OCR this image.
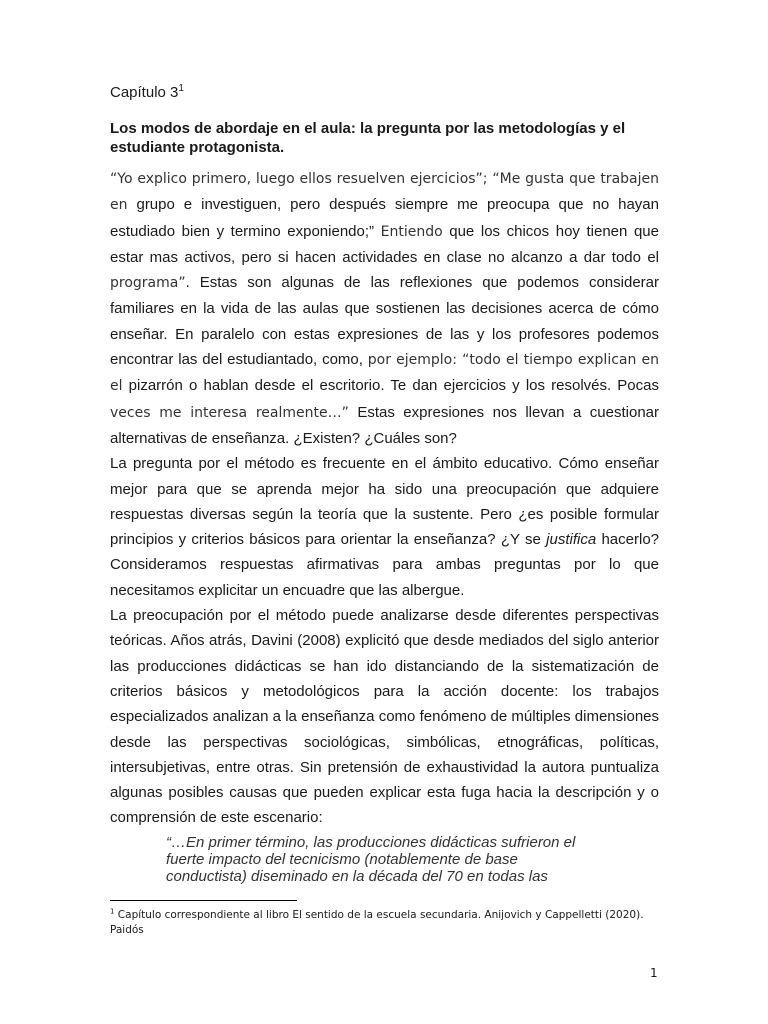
Capítulo $3^1$
Los modos de abordaje en el aula: la pregunta por las metodologías y el estudiante protagonista.

“Yo explico primero, luego ellos resuelven ejercicios”; “Me gusta que trabajen en grupo e investiguen, pero después siempre me preocupa que no hayan estudiado bien y termino exponiendo;” Entiendo que los chicos hoy tienen que estar mas activos, pero si hacen actividades en clase no alcanzo a dar todo el programa”. Estas son algunas de las reflexiones que podemos considerar familiares en la vida de las aulas que sostienen las decisiones acerca de cómo enseñar. En paralelo con estas expresiones de las y los profesores podemos encontrar las del estudiantado, como, por ejemplo: “todo el tiempo explican en el pizarrón o hablan desde el escritorio. Te dan ejercicios y los resolvés. Pocas veces me interesa realmente…” Estas expresiones nos llevan a cuestionar alternativas de enseñanza. ¿Existen? ¿Cuáles son?

La pregunta por el método es frecuente en el ámbito educativo. Cómo enseñar mejor para que se aprenda mejor ha sido una preocupación que adquiere respuestas diversas según la teoría que la sustente. Pero ¿es posible formular principios y criterios básicos para orientar la enseñanza? ¿Y se justifica hacerlo? Consideramos respuestas afirmativas para ambas preguntas por lo que necesitamos explicitar un encuadre que las albergue.

La preocupación por el método puede analizarse desde diferentes perspectivas teóricas. Años atrás, Davini (2008) explicitó que desde mediados del siglo anterior las producciones didácticas se han ido distanciando de la sistematización de criterios básicos y metodológicos para la acción docente: los trabajos especializados analizan a la enseñanza como fenómeno de múltiples dimensiones desde las perspectivas sociológicas, simbólicas, etnográficas, políticas, intersubjetivas, entre otras. Sin pretensión de exhaustividad la autora puntualiza algunas posibles causas que pueden explicar esta fuga hacia la descripción y o comprensión de este escenario:

“…En primer término, las producciones didácticas sufrieron el

fuerte impacto del tecnicismo (notablemente de base

conductista) diseminado en la década del 70 en todas las

$^1$ Capítulo correspondiente al libro El sentido de la escuela secundaria. Anijovich y Cappelletti (2020). Paidós
1
